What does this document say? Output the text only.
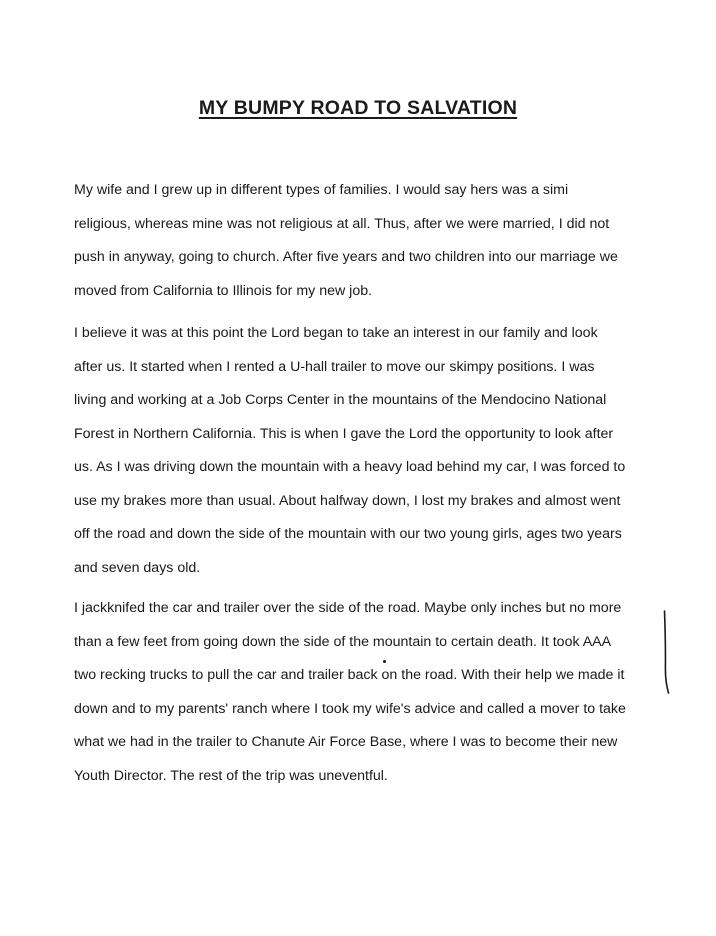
MY BUMPY ROAD TO SALVATION

My wife and I grew up in different types of families. I would say hers was a simi
religious, whereas mine was not religious at all. Thus, after we were married, I did not
push in anyway, going to church. After five years and two children into our marriage we
moved from California to Illinois for my new job.

I believe it was at this point the Lord began to take an interest in our family and look
after us. It started when I rented a U-hall trailer to move our skimpy positions. I was
living and working at a Job Corps Center in the mountains of the Mendocino National
Forest in Northern California. This is when I gave the Lord the opportunity to look after
us. As I was driving down the mountain with a heavy load behind my car, I was forced to
use my brakes more than usual. About halfway down, I lost my brakes and almost went
off the road and down the side of the mountain with our two young girls, ages two years
and seven days old.

I jackknifed the car and trailer over the side of the road. Maybe only inches but no more
than a few feet from going down the side of the mountain to certain death. It took AAA
two recking trucks to pull the car and trailer back on the road. With their help we made it
down and to my parents' ranch where I took my wife's advice and called a mover to take
what we had in the trailer to Chanute Air Force Base, where I was to become their new
Youth Director. The rest of the trip was uneventful.
